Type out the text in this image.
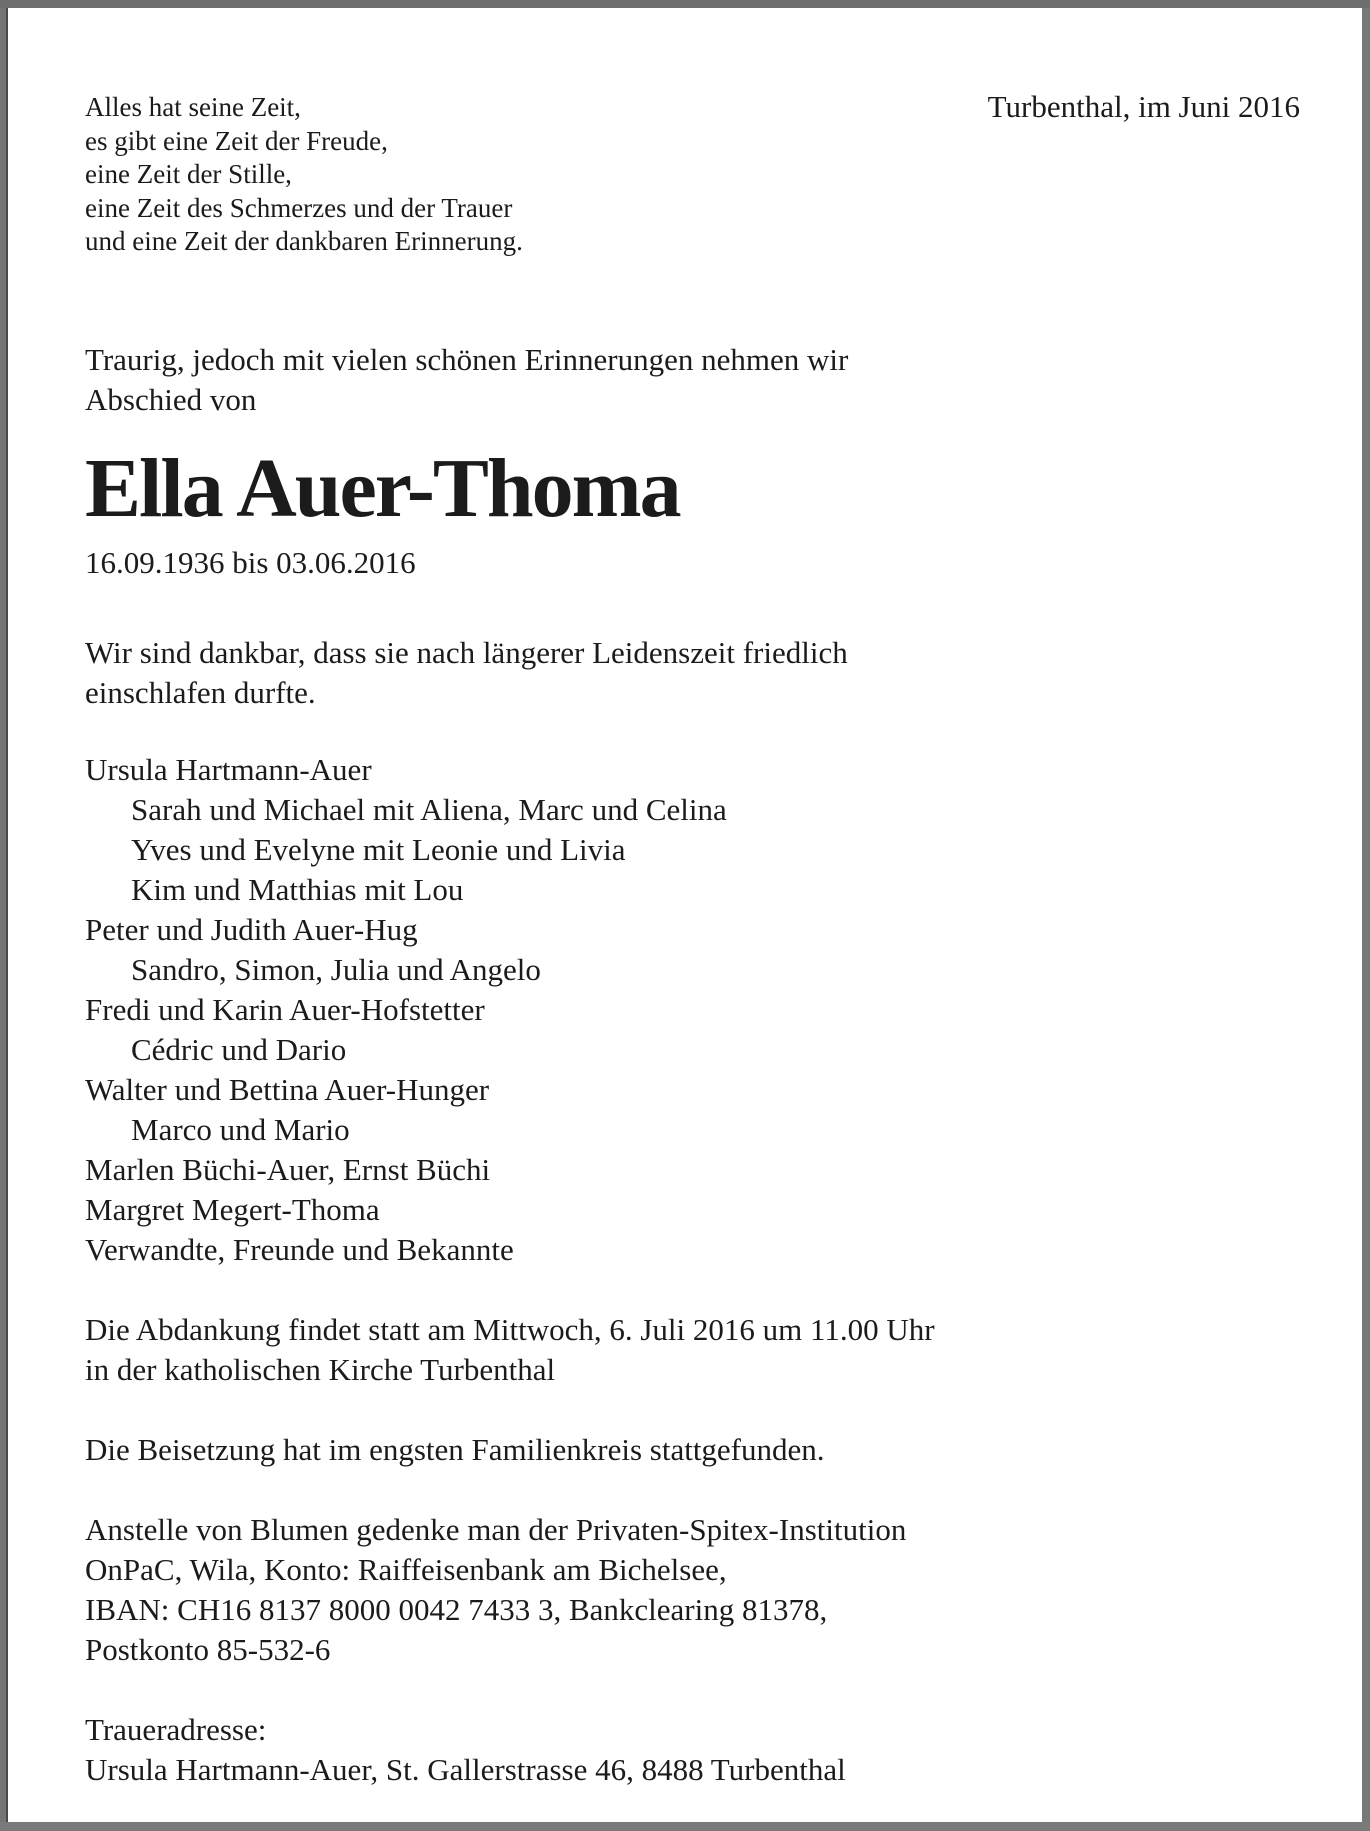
Alles hat seine Zeit,
es gibt eine Zeit der Freude,
eine Zeit der Stille,
eine Zeit des Schmerzes und der Trauer
und eine Zeit der dankbaren Erinnerung.
Turbenthal, im Juni 2016
Traurig, jedoch mit vielen schönen Erinnerungen nehmen wir
Abschied von
Ella Auer-Thoma
16.09.1936 bis 03.06.2016
Wir sind dankbar, dass sie nach längerer Leidenszeit friedlich
einschlafen durfte.
Ursula Hartmann-Auer
Sarah und Michael mit Aliena, Marc und Celina
Yves und Evelyne mit Leonie und Livia
Kim und Matthias mit Lou
Peter und Judith Auer-Hug
Sandro, Simon, Julia und Angelo
Fredi und Karin Auer-Hofstetter
Cédric und Dario
Walter und Bettina Auer-Hunger
Marco und Mario
Marlen Büchi-Auer, Ernst Büchi
Margret Megert-Thoma
Verwandte, Freunde und Bekannte
Die Abdankung findet statt am Mittwoch, 6. Juli 2016 um 11.00 Uhr
in der katholischen Kirche Turbenthal
Die Beisetzung hat im engsten Familienkreis stattgefunden.
Anstelle von Blumen gedenke man der Privaten-Spitex-Institution
OnPaC, Wila, Konto: Raiffeisenbank am Bichelsee,
IBAN: CH16 8137 8000 0042 7433 3, Bankclearing 81378,
Postkonto 85-532-6
Traueradresse:
Ursula Hartmann-Auer, St. Gallerstrasse 46, 8488 Turbenthal
